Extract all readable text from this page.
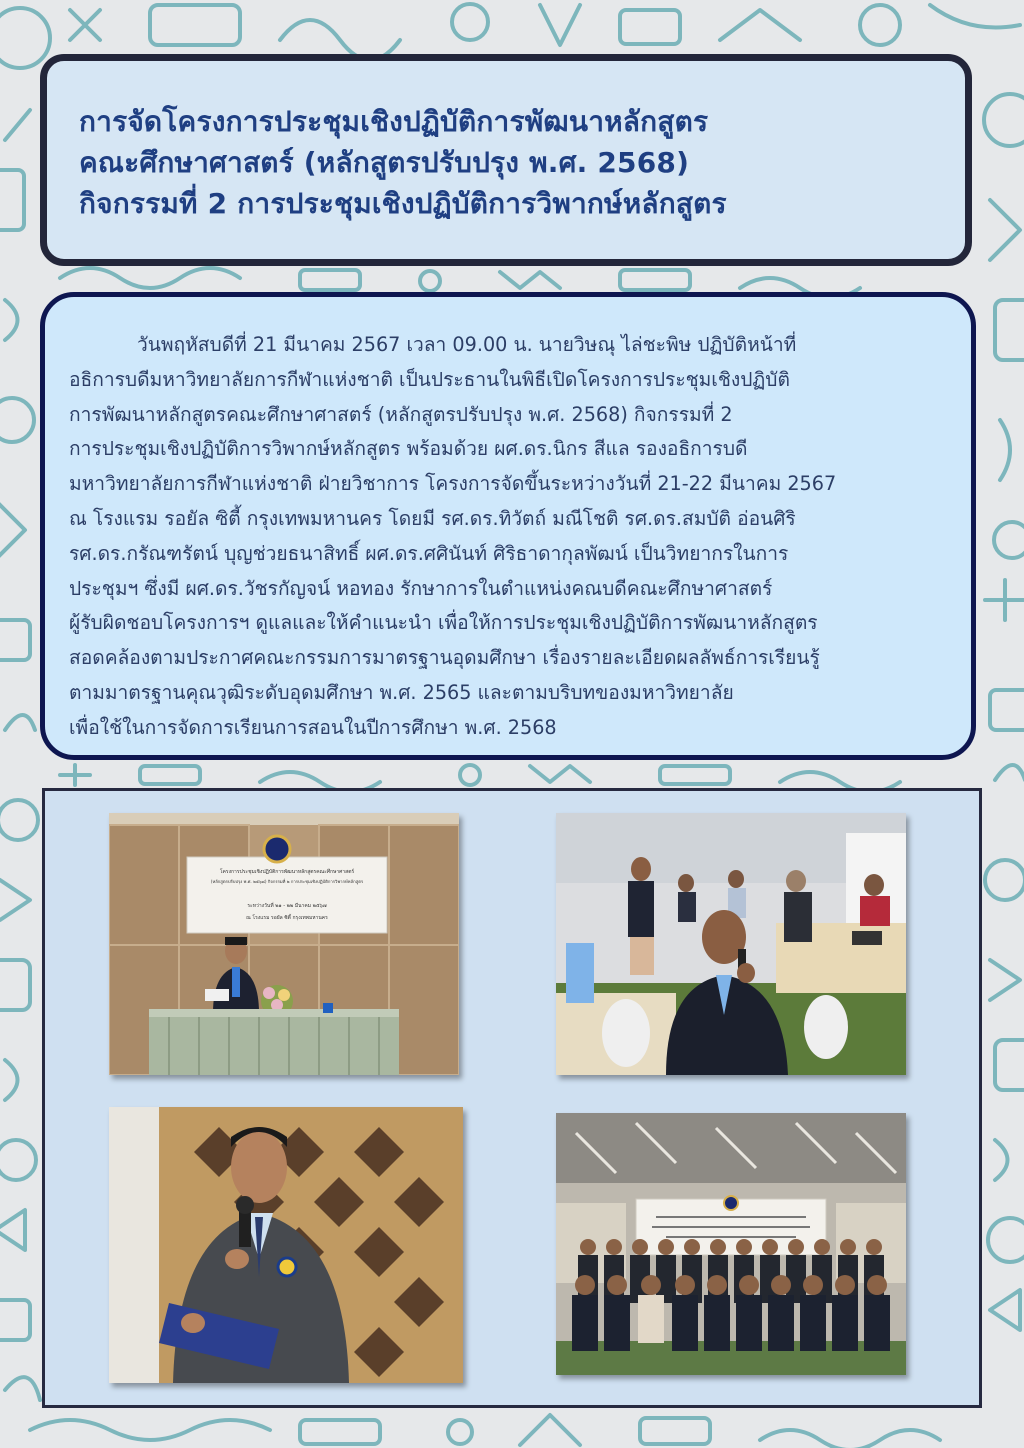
การจัดโครงการประชุมเชิงปฏิบัติการพัฒนาหลักสูตร
คณะศึกษาศาสตร์ (หลักสูตรปรับปรุง พ.ศ. 2568)
กิจกรรมที่ 2 การประชุมเชิงปฏิบัติการวิพากษ์หลักสูตร
วันพฤหัสบดีที่ 21 มีนาคม 2567 เวลา 09.00 น. นายวิษณุ ไล่ชะพิษ ปฏิบัติหน้าที่
อธิการบดีมหาวิทยาลัยการกีฬาแห่งชาติ เป็นประธานในพิธีเปิดโครงการประชุมเชิงปฏิบัติ
การพัฒนาหลักสูตรคณะศึกษาศาสตร์ (หลักสูตรปรับปรุง พ.ศ. 2568) กิจกรรมที่ 2
การประชุมเชิงปฏิบัติการวิพากษ์หลักสูตร พร้อมด้วย ผศ.ดร.นิกร สีแล รองอธิการบดี
มหาวิทยาลัยการกีฬาแห่งชาติ ฝ่ายวิชาการ โครงการจัดขึ้นระหว่างวันที่ 21-22 มีนาคม 2567
ณ โรงแรม รอยัล ซิตี้ กรุงเทพมหานคร โดยมี รศ.ดร.ทิวัตถ์ มณีโชติ รศ.ดร.สมบัติ อ่อนศิริ
รศ.ดร.กรัณฑรัตน์ บุญช่วยธนาสิทธิ์ ผศ.ดร.ศศินันท์ ศิริธาดากุลพัฒน์ เป็นวิทยากรในการ
ประชุมฯ ซึ่งมี ผศ.ดร.วัชรกัญจน์ หอทอง รักษาการในตำแหน่งคณบดีคณะศึกษาศาสตร์
ผู้รับผิดชอบโครงการฯ ดูแลและให้คำแนะนำ เพื่อให้การประชุมเชิงปฏิบัติการพัฒนาหลักสูตร
สอดคล้องตามประกาศคณะกรรมการมาตรฐานอุดมศึกษา เรื่องรายละเอียดผลลัพธ์การเรียนรู้
ตามมาตรฐานคุณวุฒิระดับอุดมศึกษา พ.ศ. 2565 และตามบริบทของมหาวิทยาลัย
เพื่อใช้ในการจัดการเรียนการสอนในปีการศึกษา พ.ศ. 2568
โครงการประชุมเชิงปฏิบัติการพัฒนาหลักสูตรคณะศึกษาศาสตร์
(หลักสูตรปรับปรุง พ.ศ. ๒๕๖๘) กิจกรรมที่ ๒ การประชุมเชิงปฏิบัติการวิพากษ์หลักสูตร
ระหว่างวันที่ ๒๑ - ๒๒ มีนาคม ๒๕๖๗
ณ โรงแรม รอยัล ซิตี้ กรุงเทพมหานคร
